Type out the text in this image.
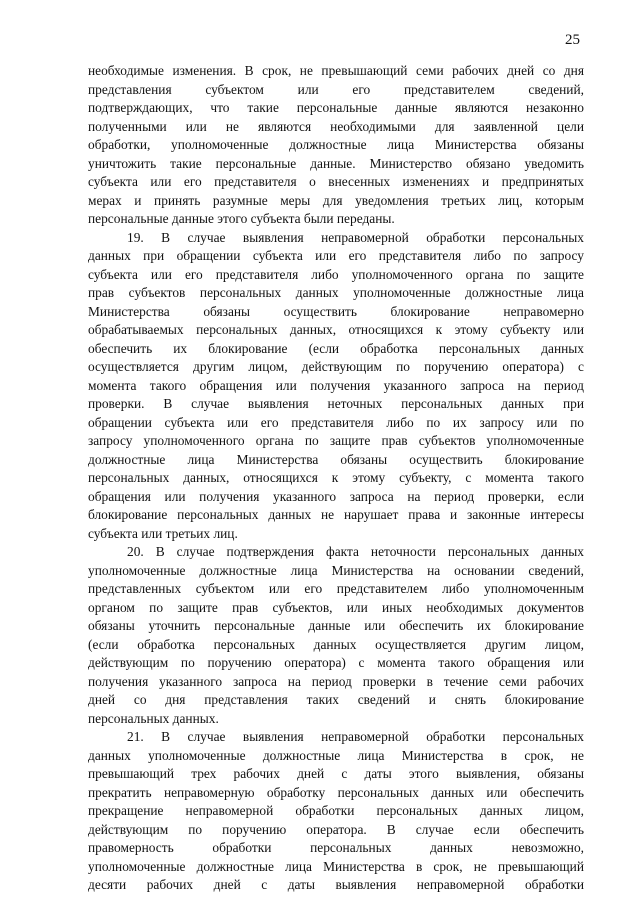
25
необходимые изменения. В срок, не превышающий семи рабочих дней со дня
представления субъектом или его представителем сведений,
подтверждающих, что такие персональные данные являются незаконно
полученными или не являются необходимыми для заявленной цели
обработки, уполномоченные должностные лица Министерства обязаны
уничтожить такие персональные данные. Министерство обязано уведомить
субъекта или его представителя о внесенных изменениях и предпринятых
мерах и принять разумные меры для уведомления третьих лиц, которым
персональные данные этого субъекта были переданы.
19. В случае выявления неправомерной обработки персональных
данных при обращении субъекта или его представителя либо по запросу
субъекта или его представителя либо уполномоченного органа по защите
прав субъектов персональных данных уполномоченные должностные лица
Министерства обязаны осуществить блокирование неправомерно
обрабатываемых персональных данных, относящихся к этому субъекту или
обеспечить их блокирование (если обработка персональных данных
осуществляется другим лицом, действующим по поручению оператора) с
момента такого обращения или получения указанного запроса на период
проверки. В случае выявления неточных персональных данных при
обращении субъекта или его представителя либо по их запросу или по
запросу уполномоченного органа по защите прав субъектов уполномоченные
должностные лица Министерства обязаны осуществить блокирование
персональных данных, относящихся к этому субъекту, с момента такого
обращения или получения указанного запроса на период проверки, если
блокирование персональных данных не нарушает права и законные интересы
субъекта или третьих лиц.
20. В случае подтверждения факта неточности персональных данных
уполномоченные должностные лица Министерства на основании сведений,
представленных субъектом или его представителем либо уполномоченным
органом по защите прав субъектов, или иных необходимых документов
обязаны уточнить персональные данные или обеспечить их блокирование
(если обработка персональных данных осуществляется другим лицом,
действующим по поручению оператора) с момента такого обращения или
получения указанного запроса на период проверки в течение семи рабочих
дней со дня представления таких сведений и снять блокирование
персональных данных.
21. В случае выявления неправомерной обработки персональных
данных уполномоченные должностные лица Министерства в срок, не
превышающий трех рабочих дней с даты этого выявления, обязаны
прекратить неправомерную обработку персональных данных или обеспечить
прекращение неправомерной обработки персональных данных лицом,
действующим по поручению оператора. В случае если обеспечить
правомерность обработки персональных данных невозможно,
уполномоченные должностные лица Министерства в срок, не превышающий
десяти рабочих дней с даты выявления неправомерной обработки
